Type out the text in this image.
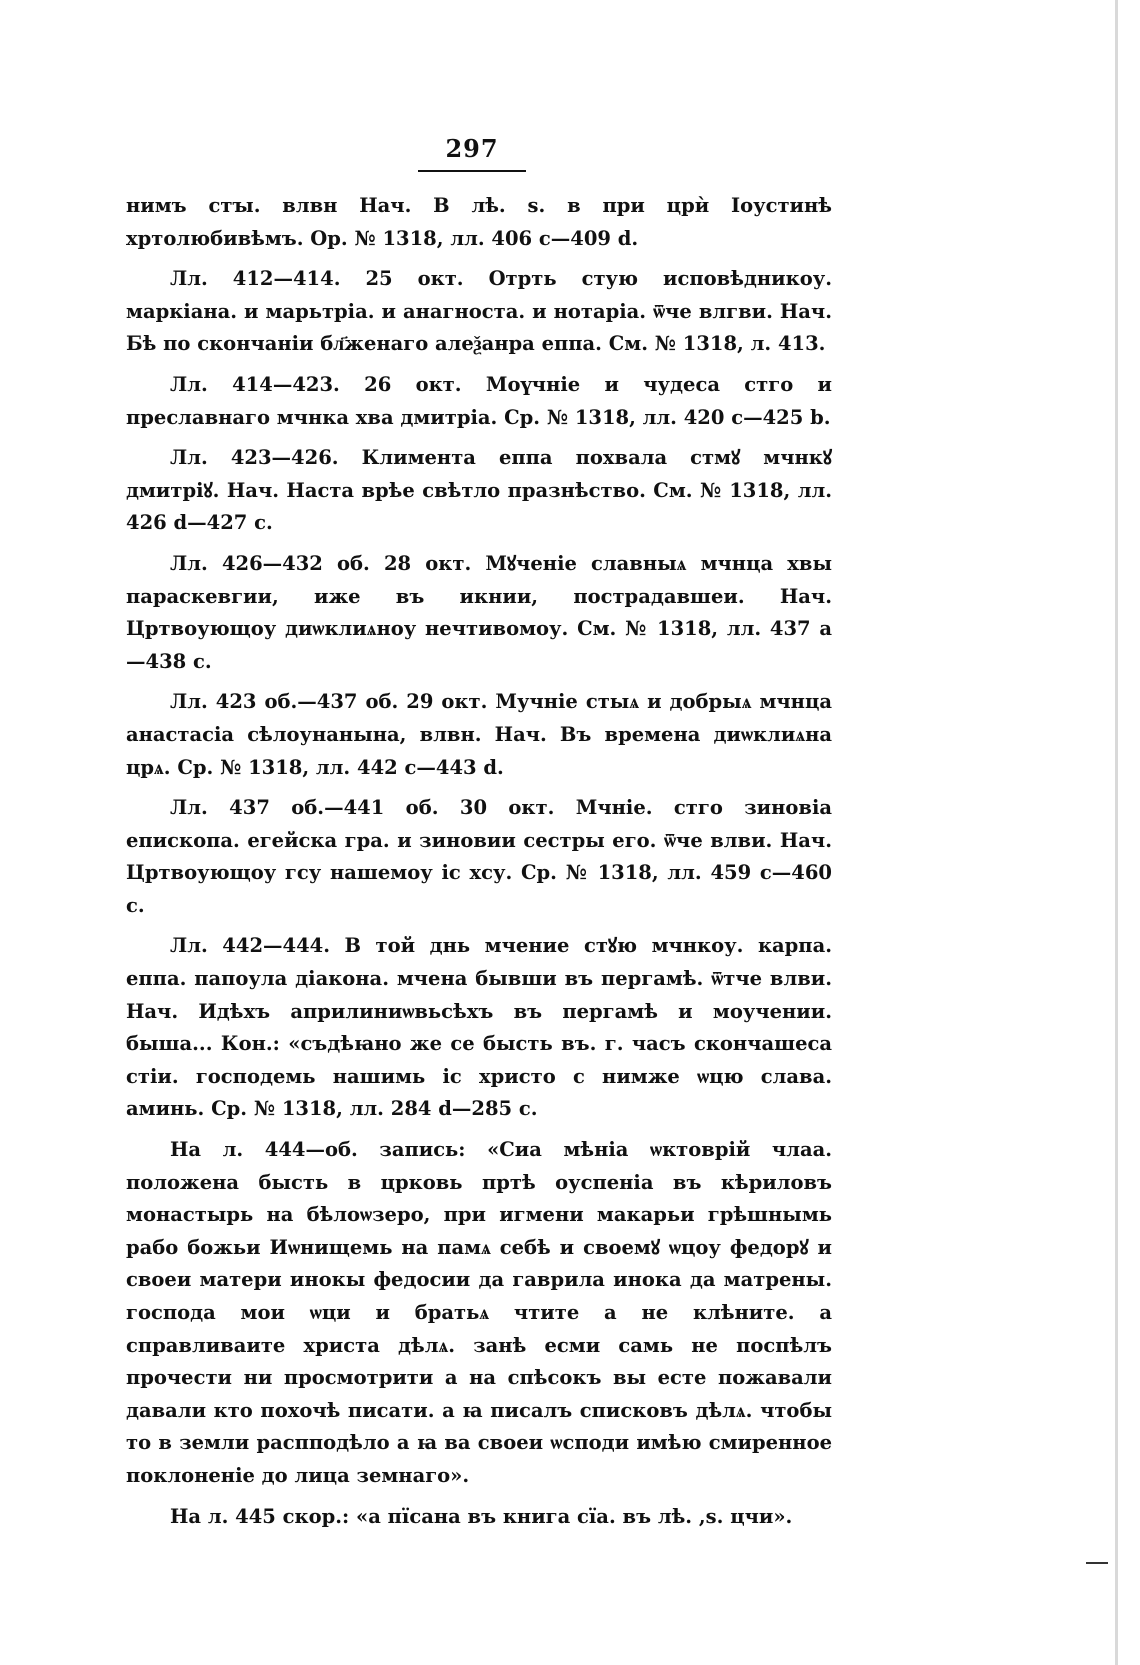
297

нимъ стꙑ. влвн Нач. В лѣ. ѕ. в при црѝ Іоустинѣ хртолюбивѣмъ. Ор. № 1318, лл. 406 с—409 d.

Лл. 412—414. 25 окт. Отрть стую исповѣдникоу. маркіана. и марьтріа. и анагноста. и нотаріа. ѿче влгви. Нач. Бѣ по скончаніи бл҃женаго алеѯанра еппа. См. № 1318, л. 413.

Лл. 414—423. 26 окт. Моүчніе и чудеса стго и преславнаго мчнка хва дмитріа. Ср. № 1318, лл. 420 с—425 b.

Лл. 423—426. Климента еппа похвала стмꙋ мчнкꙋ дмитріꙋ. Нач. Наста врѣе свѣтло празнѣство. См. № 1318, лл. 426 d—427 с.

Лл. 426—432 об. 28 окт. Мꙋченіе славныѧ мчнца хвы параскевгии, иже въ икнии, пострадавшеи. Нач. Цртвоующоу диѡклиѧноу нечтивомоу. См. № 1318, лл. 437 а—438 с.

Лл. 423 об.—437 об. 29 окт. Мучніе стыѧ и добрыѧ мчнца анастасіа сѣлоунанына, влвн. Нач. Въ времена диѡклиѧна црѧ. Ср. № 1318, лл. 442 с—443 d.

Лл. 437 об.—441 об. 30 окт. Мчніе. стго зиновіа епископа. егейска гра. и зиновии сестры его. ѿче влви. Нач. Цртвоующоу гсу нашемоу іс хсу. Ср. № 1318, лл. 459 с—460 с.

Лл. 442—444. В той днь мчение стꙋю мчнкоу. карпа. еппа. папоула діакона. мчена бывши въ пергамѣ. ѿтче влви. Нач. Идѣхъ априлиниѡвьсѣхъ въ пергамѣ и моучении. быша... Кон.: «съдѣꙗно же се бысть въ. г. часъ скончашеса стіи. господемь нашимь іс христо с нимже ѡцю слава. аминь. Ср. № 1318, лл. 284 d—285 с.

На л. 444—об. запись: «Сиа мѣніа ѡктоврій члаа. положена бысть в црковь пртѣ оуспеніа въ кѣриловъ монастырь на бѣлоѡзеро, при игмени макарьи грѣшнымь рабо божьи Иѡнищемь на памѧ себѣ и своемꙋ ѡцоу федорꙋ и своеи матери инокы федосии да гаврила инока да матрены. господа мои ѡци и братьѧ чтите а не клѣните. а справливаите христа дѣлѧ. занѣ есми самь не поспѣлъ прочести ни просмотрити а на спѣсокъ вы есте пожавали давали кто похочѣ писати. а ꙗ писалъ списковъ дѣлѧ. чтобы то в земли распподѣло а ꙗ ва своеи ѡсподи имѣю смиренное поклоненіе до лица земнаго».

На л. 445 скор.: «а пїсана въ книга сїа. въ лѣ. ,ѕ. цчи».
